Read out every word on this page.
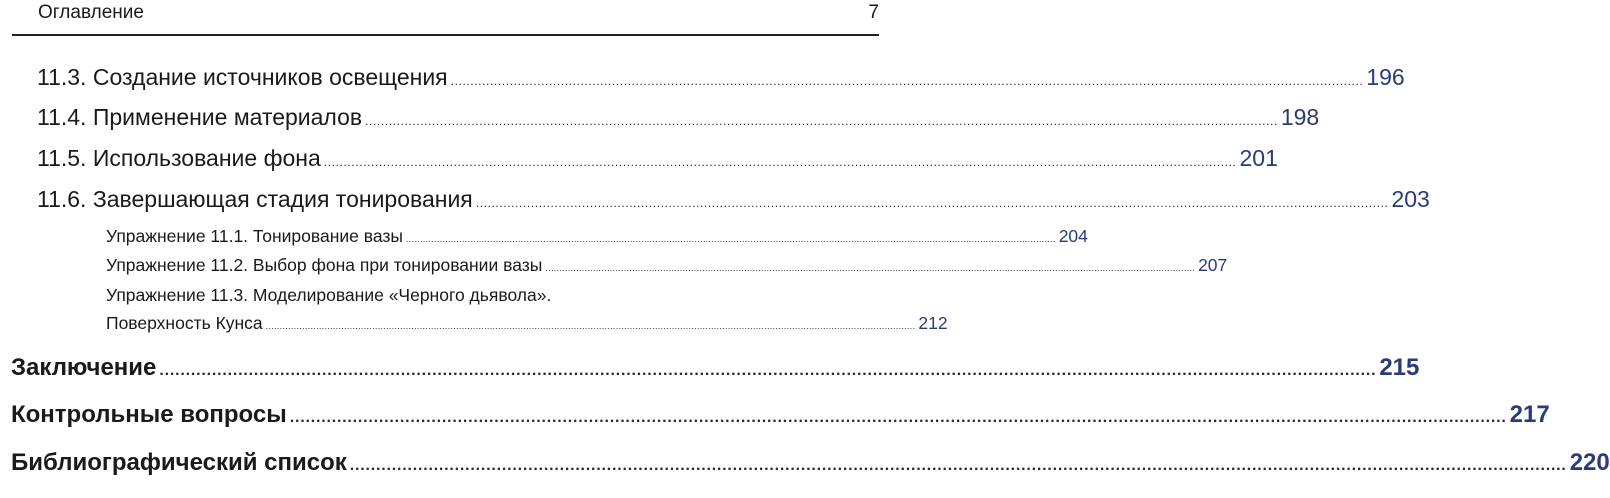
Оглавление	7
11.3. Создание источников освещения ........................................................................................................................................................................................................................................ 196
11.4. Применение материалов ........................................................................................................................................................................................................................................ 198
11.5. Использование фона ........................................................................................................................................................................................................................................ 201
11.6. Завершающая стадия тонирования ........................................................................................................................................................................................................................................ 203
Упражнение 11.1. Тонирование вазы ........................................................................................................................................................................................................................................ 204
Упражнение 11.2. Выбор фона при тонировании вазы ........................................................................................................................................................................................................................................ 207
Упражнение 11.3. Моделирование «Черного дьявола».
Поверхность Кунса ........................................................................................................................................................................................................................................ 212
Заключение ........................................................................................................................................................................................................................................ 215
Контрольные вопросы ........................................................................................................................................................................................................................................ 217
Библиографический список ........................................................................................................................................................................................................................................ 220
